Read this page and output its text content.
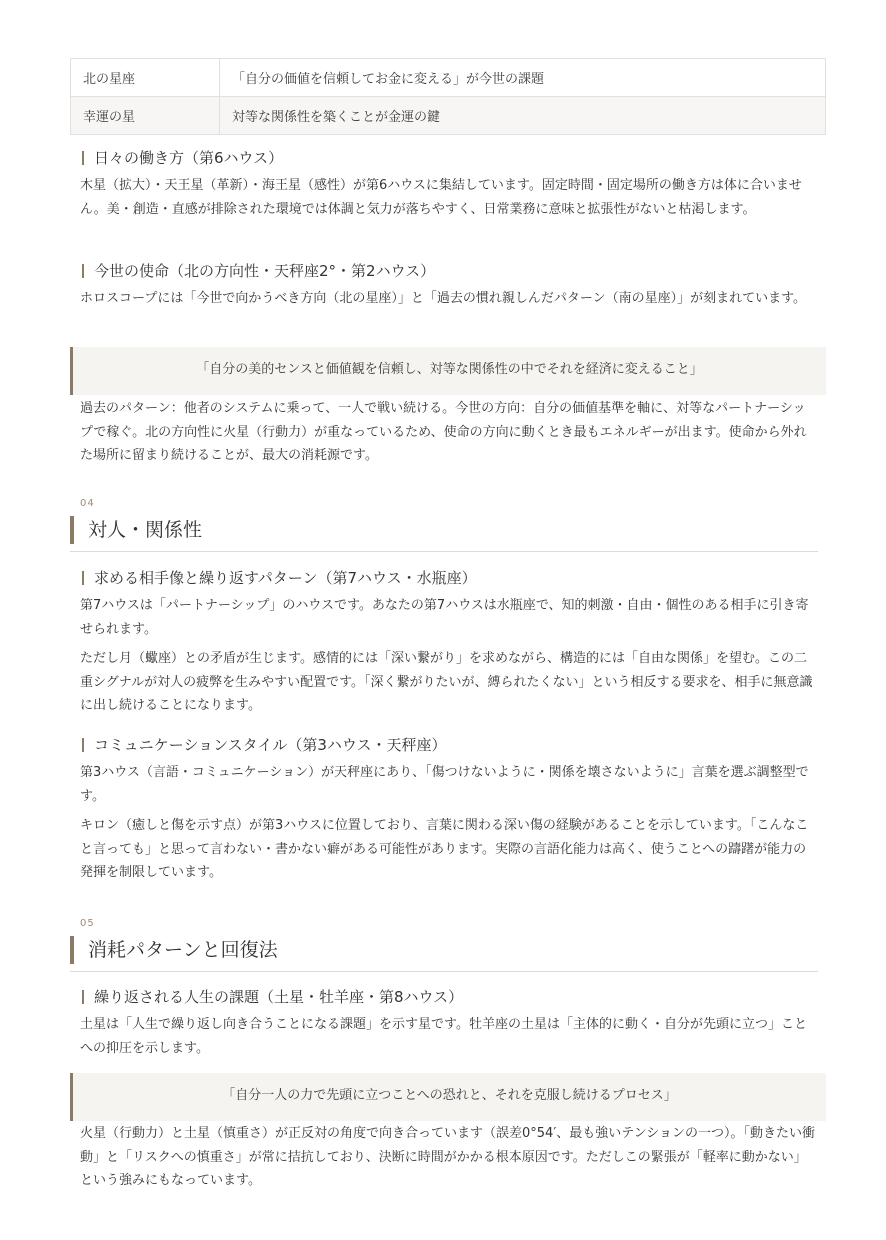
北の星座	「自分の価値を信頼してお金に変える」が今世の課題
幸運の星	対等な関係性を築くことが金運の鍵
日々の働き方（第6ハウス）

木星（拡大）・天王星（革新）・海王星（感性）が第6ハウスに集結しています。固定時間・固定場所の働き方は体に合いません。美・創造・直感が排除された環境では体調と気力が落ちやすく、日常業務に意味と拡張性がないと枯渇します。

今世の使命（北の方向性・天秤座2°・第2ハウス）

ホロスコープには「今世で向かうべき方向（北の星座）」と「過去の慣れ親しんだパターン（南の星座）」が刻まれています。

「自分の美的センスと価値観を信頼し、対等な関係性の中でそれを経済に変えること」

過去のパターン：他者のシステムに乗って、一人で戦い続ける。今世の方向：自分の価値基準を軸に、対等なパートナーシップで稼ぐ。北の方向性に火星（行動力）が重なっているため、使命の方向に動くとき最もエネルギーが出ます。使命から外れた場所に留まり続けることが、最大の消耗源です。

04
対人・関係性
求める相手像と繰り返すパターン（第7ハウス・水瓶座）

第7ハウスは「パートナーシップ」のハウスです。あなたの第7ハウスは水瓶座で、知的刺激・自由・個性のある相手に引き寄せられます。

ただし月（蠍座）との矛盾が生じます。感情的には「深い繋がり」を求めながら、構造的には「自由な関係」を望む。この二重シグナルが対人の疲弊を生みやすい配置です。「深く繋がりたいが、縛られたくない」という相反する要求を、相手に無意識に出し続けることになります。

コミュニケーションスタイル（第3ハウス・天秤座）

第3ハウス（言語・コミュニケーション）が天秤座にあり、「傷つけないように・関係を壊さないように」言葉を選ぶ調整型です。

キロン（癒しと傷を示す点）が第3ハウスに位置しており、言葉に関わる深い傷の経験があることを示しています。「こんなこと言っても」と思って言わない・書かない癖がある可能性があります。実際の言語化能力は高く、使うことへの躊躇が能力の発揮を制限しています。

05
消耗パターンと回復法
繰り返される人生の課題（土星・牡羊座・第8ハウス）

土星は「人生で繰り返し向き合うことになる課題」を示す星です。牡羊座の土星は「主体的に動く・自分が先頭に立つ」ことへの抑圧を示します。

「自分一人の力で先頭に立つことへの恐れと、それを克服し続けるプロセス」

火星（行動力）と土星（慎重さ）が正反対の角度で向き合っています（誤差0°54′、最も強いテンションの一つ）。「動きたい衝動」と「リスクへの慎重さ」が常に拮抗しており、決断に時間がかかる根本原因です。ただしこの緊張が「軽率に動かない」という強みにもなっています。
